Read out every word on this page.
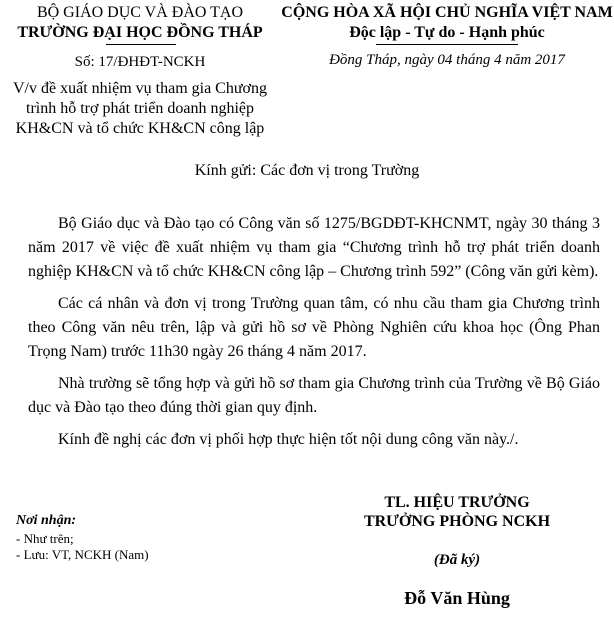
BỘ GIÁO DỤC VÀ ĐÀO TẠO
TRƯỜNG ĐẠI HỌC ĐỒNG THÁP
Số: 17/ĐHĐT-NCKH
V/v đề xuất nhiệm vụ tham gia Chương
trình hỗ trợ phát triển doanh nghiệp
KH&CN và tổ chức KH&CN công lập
CỘNG HÒA XÃ HỘI CHỦ NGHĨA VIỆT NAM
Độc lập - Tự do - Hạnh phúc
Đồng Tháp, ngày 04 tháng 4 năm 2017
Kính gửi: Các đơn vị trong Trường

Bộ Giáo dục và Đào tạo có Công văn số 1275/BGDĐT-KHCNMT, ngày 30 tháng 3 năm 2017 về việc đề xuất nhiệm vụ tham gia “Chương trình hỗ trợ phát triển doanh nghiệp KH&CN và tổ chức KH&CN công lập – Chương trình 592” (Công văn gửi kèm).

Các cá nhân và đơn vị trong Trường quan tâm, có nhu cầu tham gia Chương trình theo Công văn nêu trên, lập và gửi hồ sơ về Phòng Nghiên cứu khoa học (Ông Phan Trọng Nam) trước 11h30 ngày 26 tháng 4 năm 2017.

Nhà trường sẽ tổng hợp và gửi hồ sơ tham gia Chương trình của Trường về Bộ Giáo dục và Đào tạo theo đúng thời gian quy định.

Kính đề nghị các đơn vị phối hợp thực hiện tốt nội dung công văn này./.

Nơi nhận:
- Như trên;
- Lưu: VT, NCKH (Nam)
TL. HIỆU TRƯỞNG
TRƯỞNG PHÒNG NCKH
(Đã ký)
Đỗ Văn Hùng
